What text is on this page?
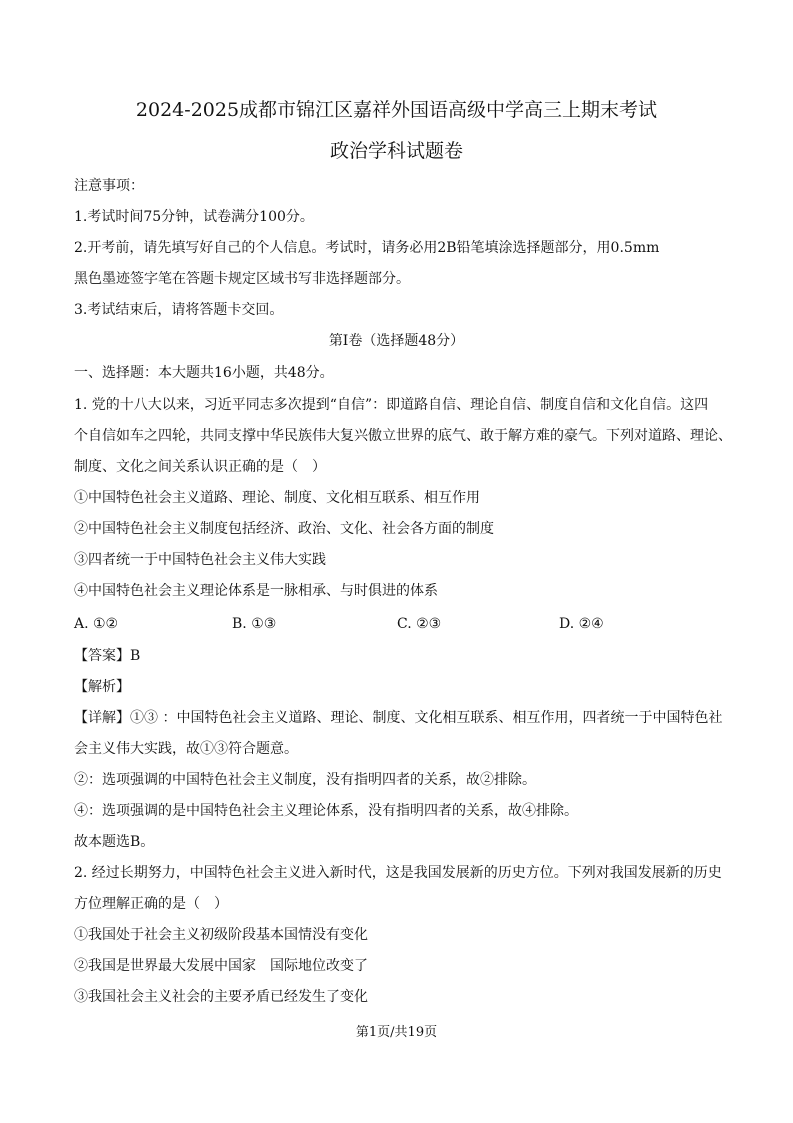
2024-2025成都市锦江区嘉祥外国语高级中学高三上期末考试
政治学科试题卷
注意事项：
1.考试时间75分钟，试卷满分100分。
2.开考前，请先填写好自己的个人信息。考试时，请务必用2B铅笔填涂选择题部分，用0.5mm
黑色墨迹签字笔在答题卡规定区域书写非选择题部分。
3.考试结束后，请将答题卡交回。
第Ⅰ卷（选择题48分）
一、选择题：本大题共16小题，共48分。
1. 党的十八大以来，习近平同志多次提到“自信”：即道路自信、理论自信、制度自信和文化自信。这四
个自信如车之四轮，共同支撑中华民族伟大复兴傲立世界的底气、敢于解方难的豪气。下列对道路、理论、
制度、文化之间关系认识正确的是（　）
①中国特色社会主义道路、理论、制度、文化相互联系、相互作用
②中国特色社会主义制度包括经济、政治、文化、社会各方面的制度
③四者统一于中国特色社会主义伟大实践
④中国特色社会主义理论体系是一脉相承、与时俱进的体系
A. ①②	B. ①③	C. ②③	D. ②④
【答案】B
【解析】
【详解】①③ ：中国特色社会主义道路、理论、制度、文化相互联系、相互作用，四者统一于中国特色社
会主义伟大实践，故①③符合题意。
②：选项强调的中国特色社会主义制度，没有指明四者的关系，故②排除。
④：选项强调的是中国特色社会主义理论体系，没有指明四者的关系，故④排除。
故本题选B。
2. 经过长期努力，中国特色社会主义进入新时代，这是我国发展新的历史方位。下列对我国发展新的历史
方位理解正确的是（　）
①我国处于社会主义初级阶段基本国情没有变化
②我国是世界最大发展中国家　国际地位改变了
③我国社会主义社会的主要矛盾已经发生了变化
第1页/共19页
